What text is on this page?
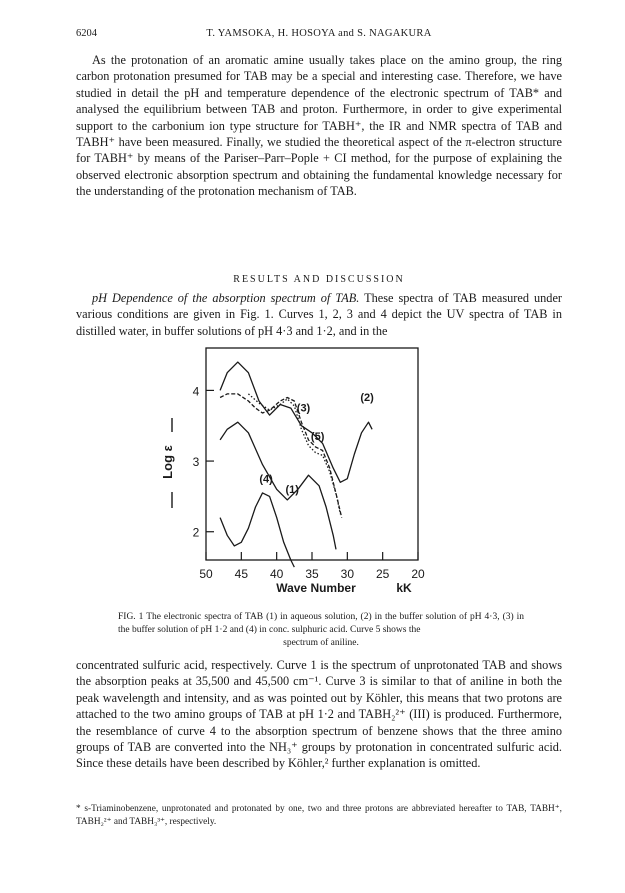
6204	T. YAMSOKA, H. HOSOYA and S. NAGAKURA

As the protonation of an aromatic amine usually takes place on the amino group, the ring carbon protonation presumed for TAB may be a special and interesting case. Therefore, we have studied in detail the pH and temperature dependence of the electronic spectrum of TAB* and analysed the equilibrium between TAB and proton. Furthermore, in order to give experimental support to the carbonium ion type structure for TABH⁺, the IR and NMR spectra of TAB and TABH⁺ have been measured. Finally, we studied the theoretical aspect of the π-electron structure for TABH⁺ by means of the Pariser–Parr–Pople + CI method, for the purpose of explaining the observed electronic absorption spectrum and obtaining the fundamental knowledge necessary for the understanding of the protonation mechanism of TAB.

RESULTS AND DISCUSSION

pH Dependence of the absorption spectrum of TAB. These spectra of TAB measured under various conditions are given in Fig. 1. Curves 1, 2, 3 and 4 depict the UV spectra of TAB in distilled water, in buffer solutions of pH 4·3 and 1·2, and in the

50 45 40 35 30 25 20
4
3
2
Wave Number	kK
Log ε
(1)
(2)
(3)
(4)
(5)

FIG. 1 The electronic spectra of TAB (1) in aqueous solution, (2) in the buffer solution of pH 4·3, (3) in the buffer solution of pH 1·2 and (4) in conc. sulphuric acid. Curve 5 shows the
spectrum of aniline.

concentrated sulfuric acid, respectively. Curve 1 is the spectrum of unprotonated TAB and shows the absorption peaks at 35,500 and 45,500 cm⁻¹. Curve 3 is similar to that of aniline in both the peak wavelength and intensity, and as was pointed out by Köhler, this means that two protons are attached to the two amino groups of TAB at pH 1·2 and TABH₂²⁺ (III) is produced. Furthermore, the resemblance of curve 4 to the absorption spectrum of benzene shows that the three amino groups of TAB are converted into the NH₃⁺ groups by protonation in concentrated sulfuric acid. Since these details have been described by Köhler,² further explanation is omitted.

* s-Triaminobenzene, unprotonated and protonated by one, two and three protons are abbreviated hereafter to TAB, TABH⁺, TABH₂²⁺ and TABH₃³⁺, respectively.
